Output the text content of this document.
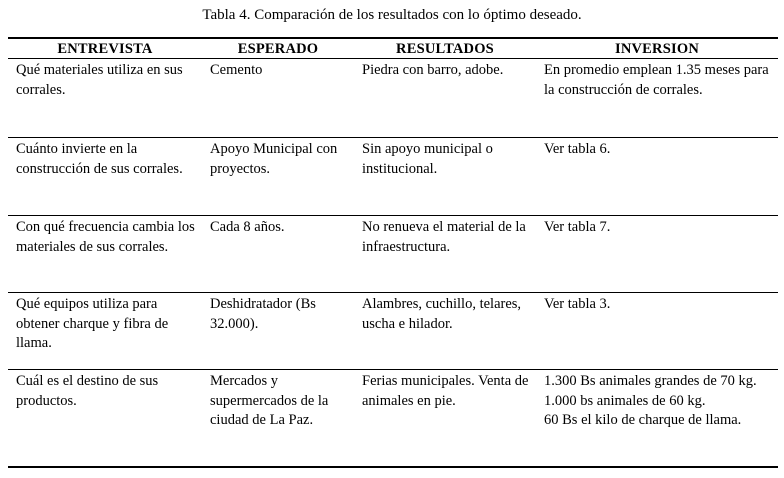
Tabla 4. Comparación de los resultados con lo óptimo deseado.
ENTREVISTA	ESPERADO	RESULTADOS	INVERSION
Qué materiales utiliza en sus corrales.	Cemento	Piedra con barro, adobe.	En promedio emplean 1.35 meses para la construcción de corrales.

Cuánto invierte en la construcción de sus corrales.	Apoyo Municipal con proyectos.	Sin apoyo municipal o institucional.	Ver tabla 6.

Con qué frecuencia cambia los materiales de sus corrales.	Cada 8 años.	No renueva el material de la infraestructura.	Ver tabla 7.

Qué equipos utiliza para obtener charque y fibra de llama.	Deshidratador (Bs 32.000).	Alambres, cuchillo, telares, uscha e hilador.	Ver tabla 3.

Cuál es el destino de sus productos.	Mercados y supermercados de la ciudad de La Paz.	Ferias municipales. Venta de animales en pie.	1.300 Bs animales grandes de 70 kg.
1.000 bs animales de 60 kg.
60 Bs el kilo de charque de llama.
